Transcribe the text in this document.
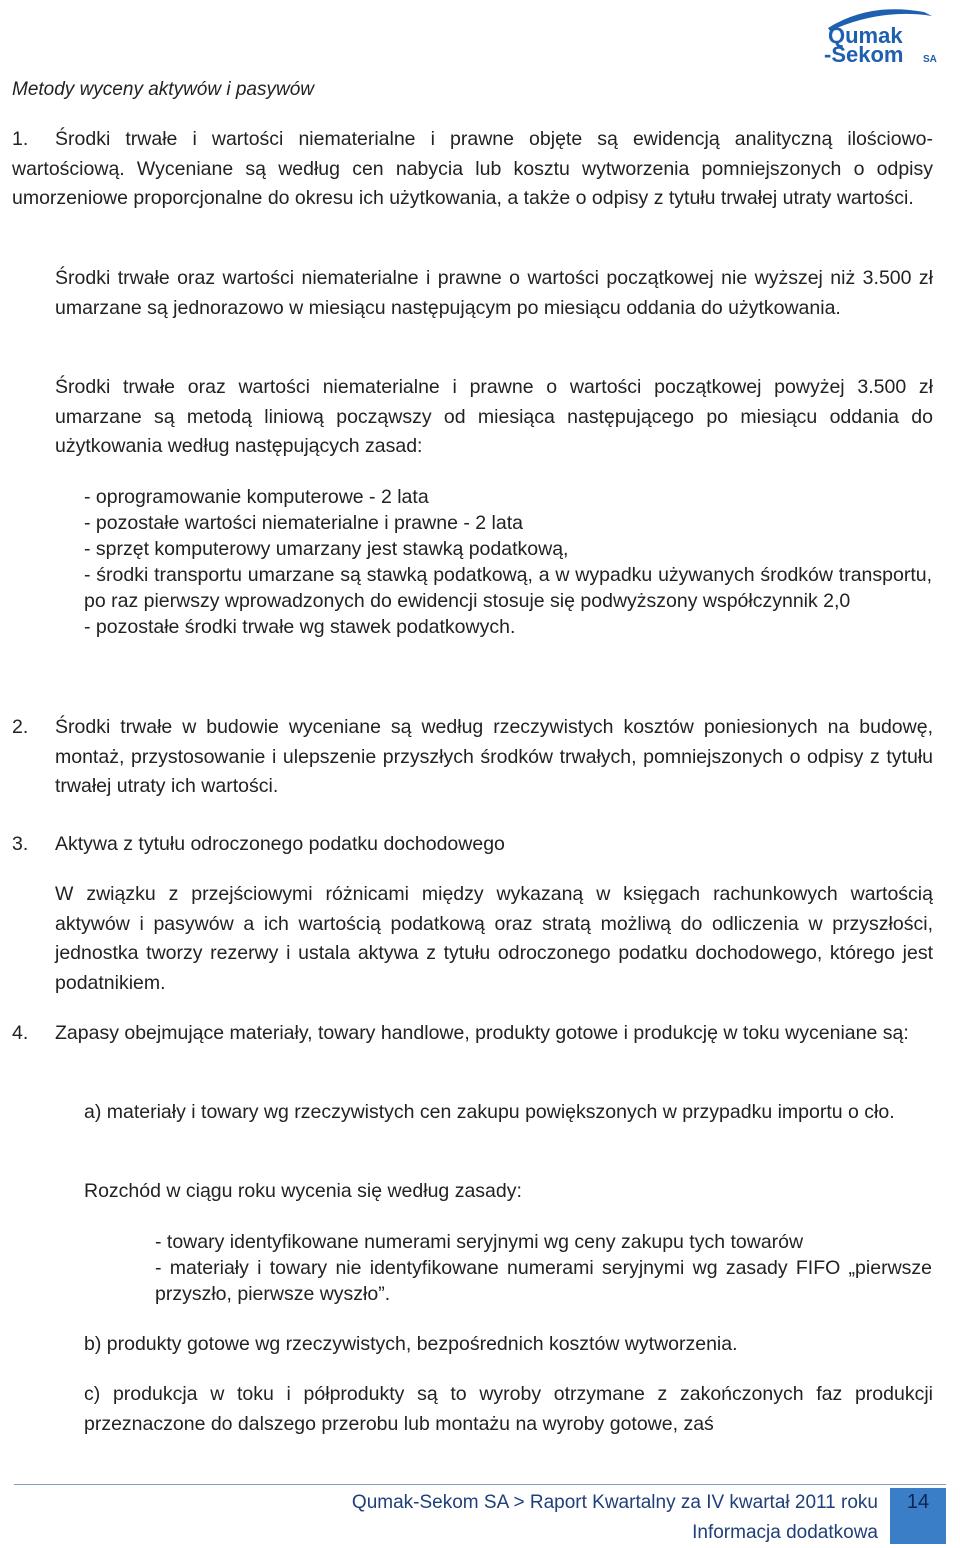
Qumak
-Sekom SA
Metody wyceny aktywów i pasywów
1.	Środki trwałe i wartości niematerialne i prawne objęte są ewidencją analityczną ilościowo-wartościową. Wyceniane są według cen nabycia lub kosztu wytworzenia pomniejszonych o odpisy umorzeniowe proporcjonalne do okresu ich użytkowania, a także o odpisy z tytułu trwałej utraty wartości.

Środki trwałe oraz wartości niematerialne i prawne o wartości początkowej nie wyższej niż 3.500 zł umarzane są jednorazowo w miesiącu następującym po miesiącu oddania do użytkowania.

Środki trwałe oraz wartości niematerialne i prawne o wartości początkowej powyżej 3.500 zł umarzane są metodą liniową począwszy od miesiąca następującego po miesiącu oddania do użytkowania według następujących zasad:

- oprogramowanie komputerowe - 2 lata
- pozostałe wartości niematerialne i prawne - 2 lata
- sprzęt komputerowy umarzany jest stawką podatkową,
- środki transportu umarzane są stawką podatkową, a w wypadku używanych środków transportu, po raz pierwszy wprowadzonych do ewidencji stosuje się podwyższony współczynnik 2,0
- pozostałe środki trwałe wg stawek podatkowych.
2. Środki trwałe w budowie wyceniane są według rzeczywistych kosztów poniesionych na budowę, montaż, przystosowanie i ulepszenie przyszłych środków trwałych, pomniejszonych o odpisy z tytułu trwałej utraty ich wartości.

3. Aktywa z tytułu odroczonego podatku dochodowego

W związku z przejściowymi różnicami między wykazaną w księgach rachunkowych wartością aktywów i pasywów a ich wartością podatkową oraz stratą możliwą do odliczenia w przyszłości, jednostka tworzy rezerwy i ustala aktywa z tytułu odroczonego podatku dochodowego, którego jest podatnikiem.

4. Zapasy obejmujące materiały, towary handlowe, produkty gotowe i produkcję w toku wyceniane są:

a) materiały i towary wg rzeczywistych cen zakupu powiększonych w przypadku importu o cło.

Rozchód w ciągu roku wycenia się według zasady:

- towary identyfikowane numerami seryjnymi wg ceny zakupu tych towarów
- materiały i towary nie identyfikowane numerami seryjnymi wg zasady FIFO „pierwsze przyszło, pierwsze wyszło”.

b) produkty gotowe wg rzeczywistych, bezpośrednich kosztów wytworzenia.

c) produkcja w toku i półprodukty są to wyroby otrzymane z zakończonych faz produkcji przeznaczone do dalszego przerobu lub montażu na wyroby gotowe, zaś

Qumak-Sekom SA > Raport Kwartalny za IV kwartał 2011 roku
Informacja dodatkowa
14
